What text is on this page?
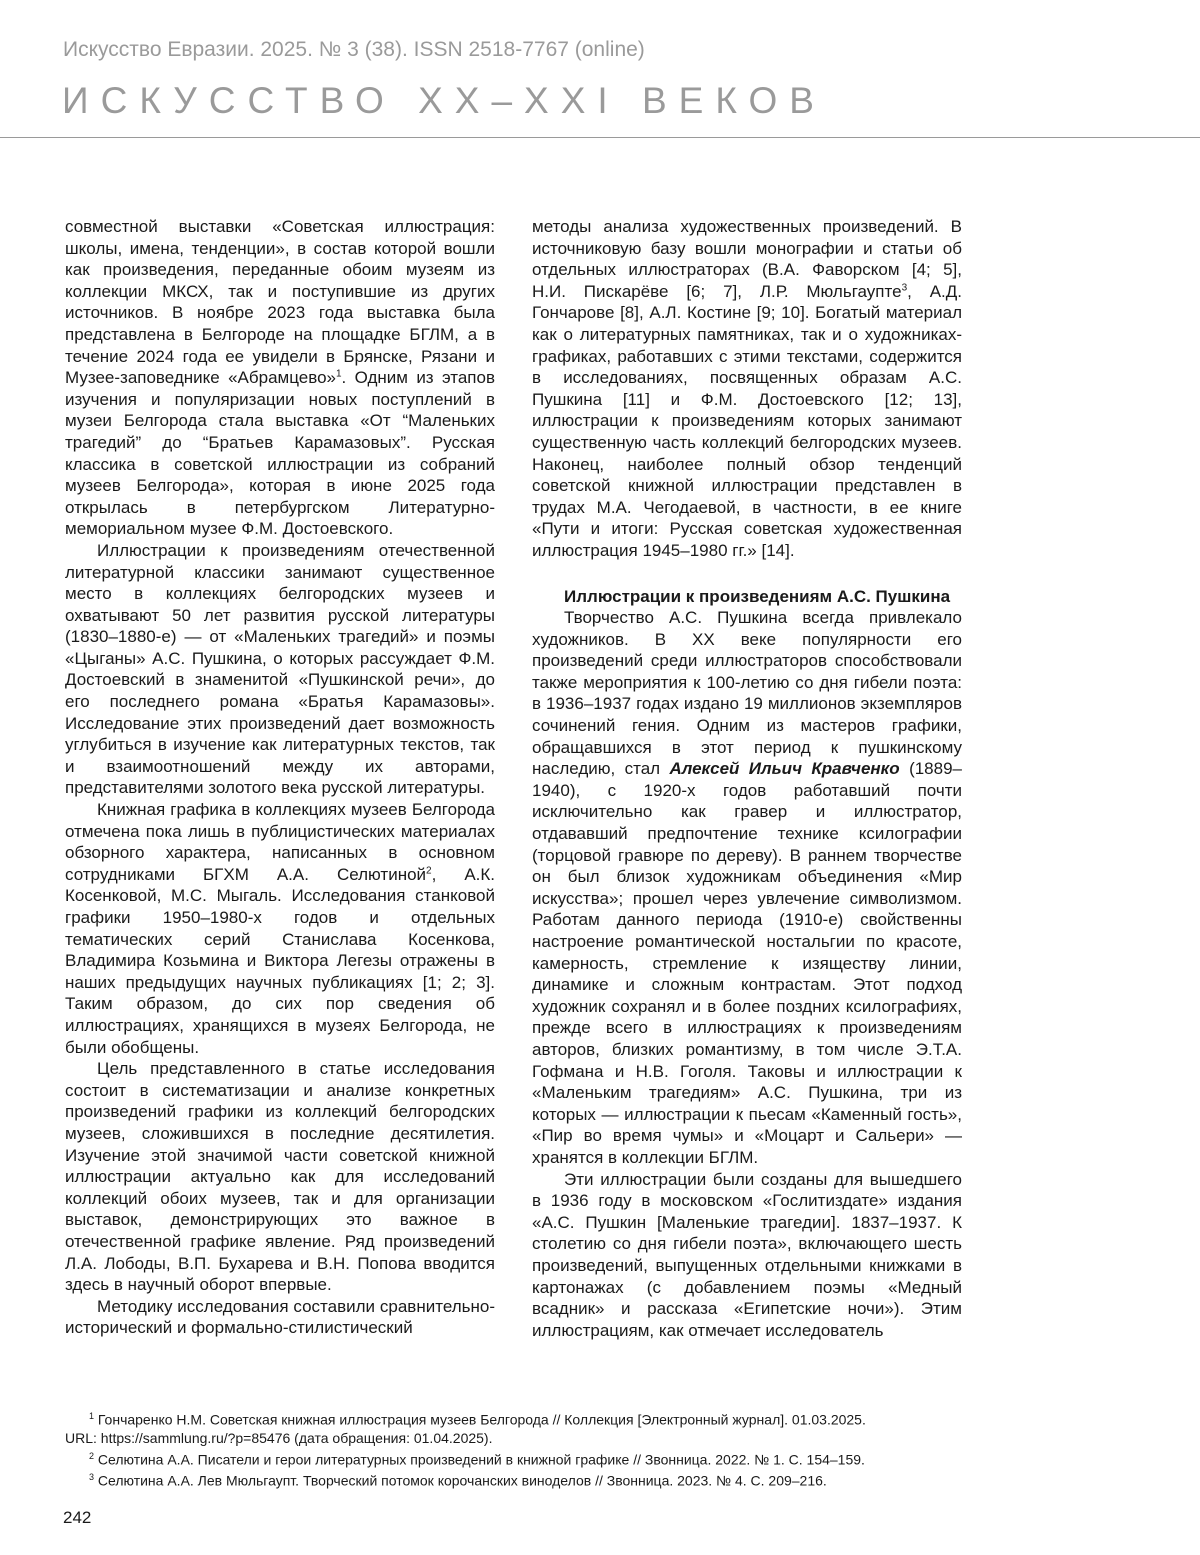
Искусство Евразии. 2025. № 3 (38). ISSN 2518-7767 (online)
ИСКУССТВО XX–XXI ВЕКОВ

совместной выставки «Советская иллюстрация: школы, имена, тенденции», в состав которой вошли как произведения, переданные обоим музеям из коллекции МКСХ, так и поступившие из других источников. В ноябре 2023 года выставка была представлена в Белгороде на площадке БГЛМ, а в течение 2024 года ее увидели в Брянске, Рязани и Музее-заповеднике «Абрамцево»$^1$. Одним из этапов изучения и популяризации новых поступлений в музеи Белгорода стала выставка «От “Маленьких трагедий” до “Братьев Карамазовых”. Русская классика в советской иллюстрации из собраний музеев Белгорода», которая в июне 2025 года открылась в петербургском Литературно-мемориальном музее Ф.М. Достоевского.

Иллюстрации к произведениям отечественной литературной классики занимают существенное место в коллекциях белгородских музеев и охватывают 50 лет развития русской литературы (1830–1880-е) — от «Маленьких трагедий» и поэмы «Цыганы» А.С. Пушкина, о которых рассуждает Ф.М. Достоевский в знаменитой «Пушкинской речи», до его последнего романа «Братья Карамазовы». Исследование этих произведений дает возможность углубиться в изучение как литературных текстов, так и взаимоотношений между их авторами, представителями золотого века русской литературы.

Книжная графика в коллекциях музеев Белгорода отмечена пока лишь в публицистических материалах обзорного характера, написанных в основном сотрудниками БГХМ А.А. Селютиной$^2$, А.К. Косенковой, М.С. Мыгаль. Исследования станковой графики 1950–1980-х годов и отдельных тематических серий Станислава Косенкова, Владимира Козьмина и Виктора Легезы отражены в наших предыдущих научных публикациях [1; 2; 3]. Таким образом, до сих пор сведения об иллюстрациях, хранящихся в музеях Белгорода, не были обобщены.

Цель представленного в статье исследования состоит в систематизации и анализе конкретных произведений графики из коллекций белгородских музеев, сложившихся в последние десятилетия. Изучение этой значимой части советской книжной иллюстрации актуально как для исследований коллекций обоих музеев, так и для организации выставок, демонстрирующих это важное в отечественной графике явление. Ряд произведений Л.А. Лободы, В.П. Бухарева и В.Н. Попова вводится здесь в научный оборот впервые.

Методику исследования составили сравнительно-исторический и формально-стилистический

методы анализа художественных произведений. В источниковую базу вошли монографии и статьи об отдельных иллюстраторах (В.А. Фаворском [4; 5], Н.И. Пискарёве [6; 7], Л.Р. Мюльгаупте$^3$, А.Д. Гончарове [8], А.Л. Костине [9; 10]. Богатый материал как о литературных памятниках, так и о художниках-графиках, работавших с этими текстами, содержится в исследованиях, посвященных образам А.С. Пушкина [11] и Ф.М. Достоевского [12; 13], иллюстрации к произведениям которых занимают существенную часть коллекций белгородских музеев. Наконец, наиболее полный обзор тенденций советской книжной иллюстрации представлен в трудах М.А. Чегодаевой, в частности, в ее книге «Пути и итоги: Русская советская художественная иллюстрация 1945–1980 гг.» [14].

Иллюстрации к произведениям А.С. Пушкина

Творчество А.С. Пушкина всегда привлекало художников. В XX веке популярности его произведений среди иллюстраторов способствовали также мероприятия к 100-летию со дня гибели поэта: в 1936–1937 годах издано 19 миллионов экземпляров сочинений гения. Одним из мастеров графики, обращавшихся в этот период к пушкинскому наследию, стал Алексей Ильич Кравченко (1889–1940), с 1920-х годов работавший почти исключительно как гравер и иллюстратор, отдававший предпочтение технике ксилографии (торцовой гравюре по дереву). В раннем творчестве он был близок художникам объединения «Мир искусства»; прошел через увлечение символизмом. Работам данного периода (1910-е) свойственны настроение романтической ностальгии по красоте, камерность, стремление к изяществу линии, динамике и сложным контрастам. Этот подход художник сохранял и в более поздних ксилографиях, прежде всего в иллюстрациях к произведениям авторов, близких романтизму, в том числе Э.Т.А. Гофмана и Н.В. Гоголя. Таковы и иллюстрации к «Маленьким трагедиям» А.С. Пушкина, три из которых — иллюстрации к пьесам «Каменный гость», «Пир во время чумы» и «Моцарт и Сальери» — хранятся в коллекции БГЛМ.

Эти иллюстрации были созданы для вышедшего в 1936 году в московском «Гослитиздате» издания «А.С. Пушкин [Маленькие трагедии]. 1837–1937. К столетию со дня гибели поэта», включающего шесть произведений, выпущенных отдельными книжками в картонажах (с добавлением поэмы «Медный всадник» и рассказа «Египетские ночи»). Этим иллюстрациям, как отмечает исследователь

$^1$ Гончаренко Н.М. Советская книжная иллюстрация музеев Белгорода // Коллекция [Электронный журнал]. 01.03.2025.

URL: https://sammlung.ru/?p=85476 (дата обращения: 01.04.2025).

$^2$ Селютина А.А. Писатели и герои литературных произведений в книжной графике // Звонница. 2022. № 1. С. 154–159.

$^3$ Селютина А.А. Лев Мюльгаупт. Творческий потомок корочанских виноделов // Звонница. 2023. № 4. С. 209–216.

242
